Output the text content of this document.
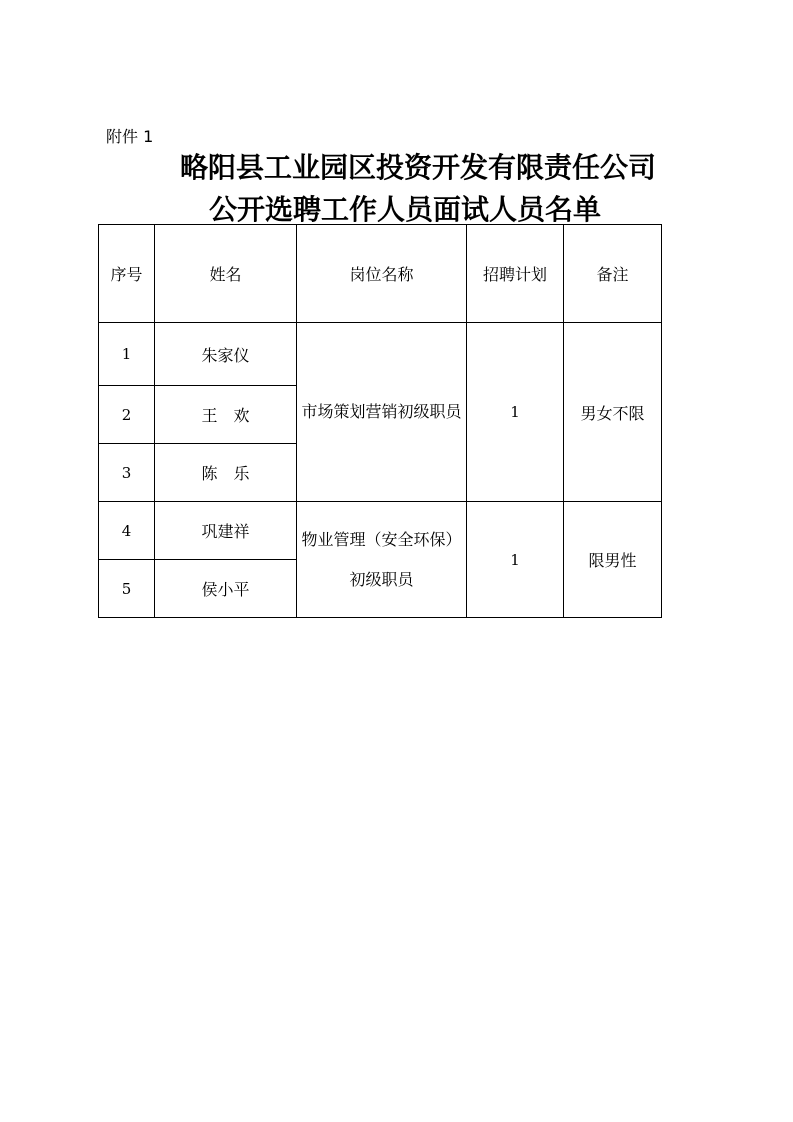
附件 1
略阳县工业园区投资开发有限责任公司
公开选聘工作人员面试人员名单
序号	姓名	岗位名称	招聘计划	备注
1	朱家仪	市场策划营销初级职员	1	男女不限
2	王　欢			
3	陈　乐			
4	巩建祥	物业管理（安全环保）初级职员	1	限男性
5	侯小平			
